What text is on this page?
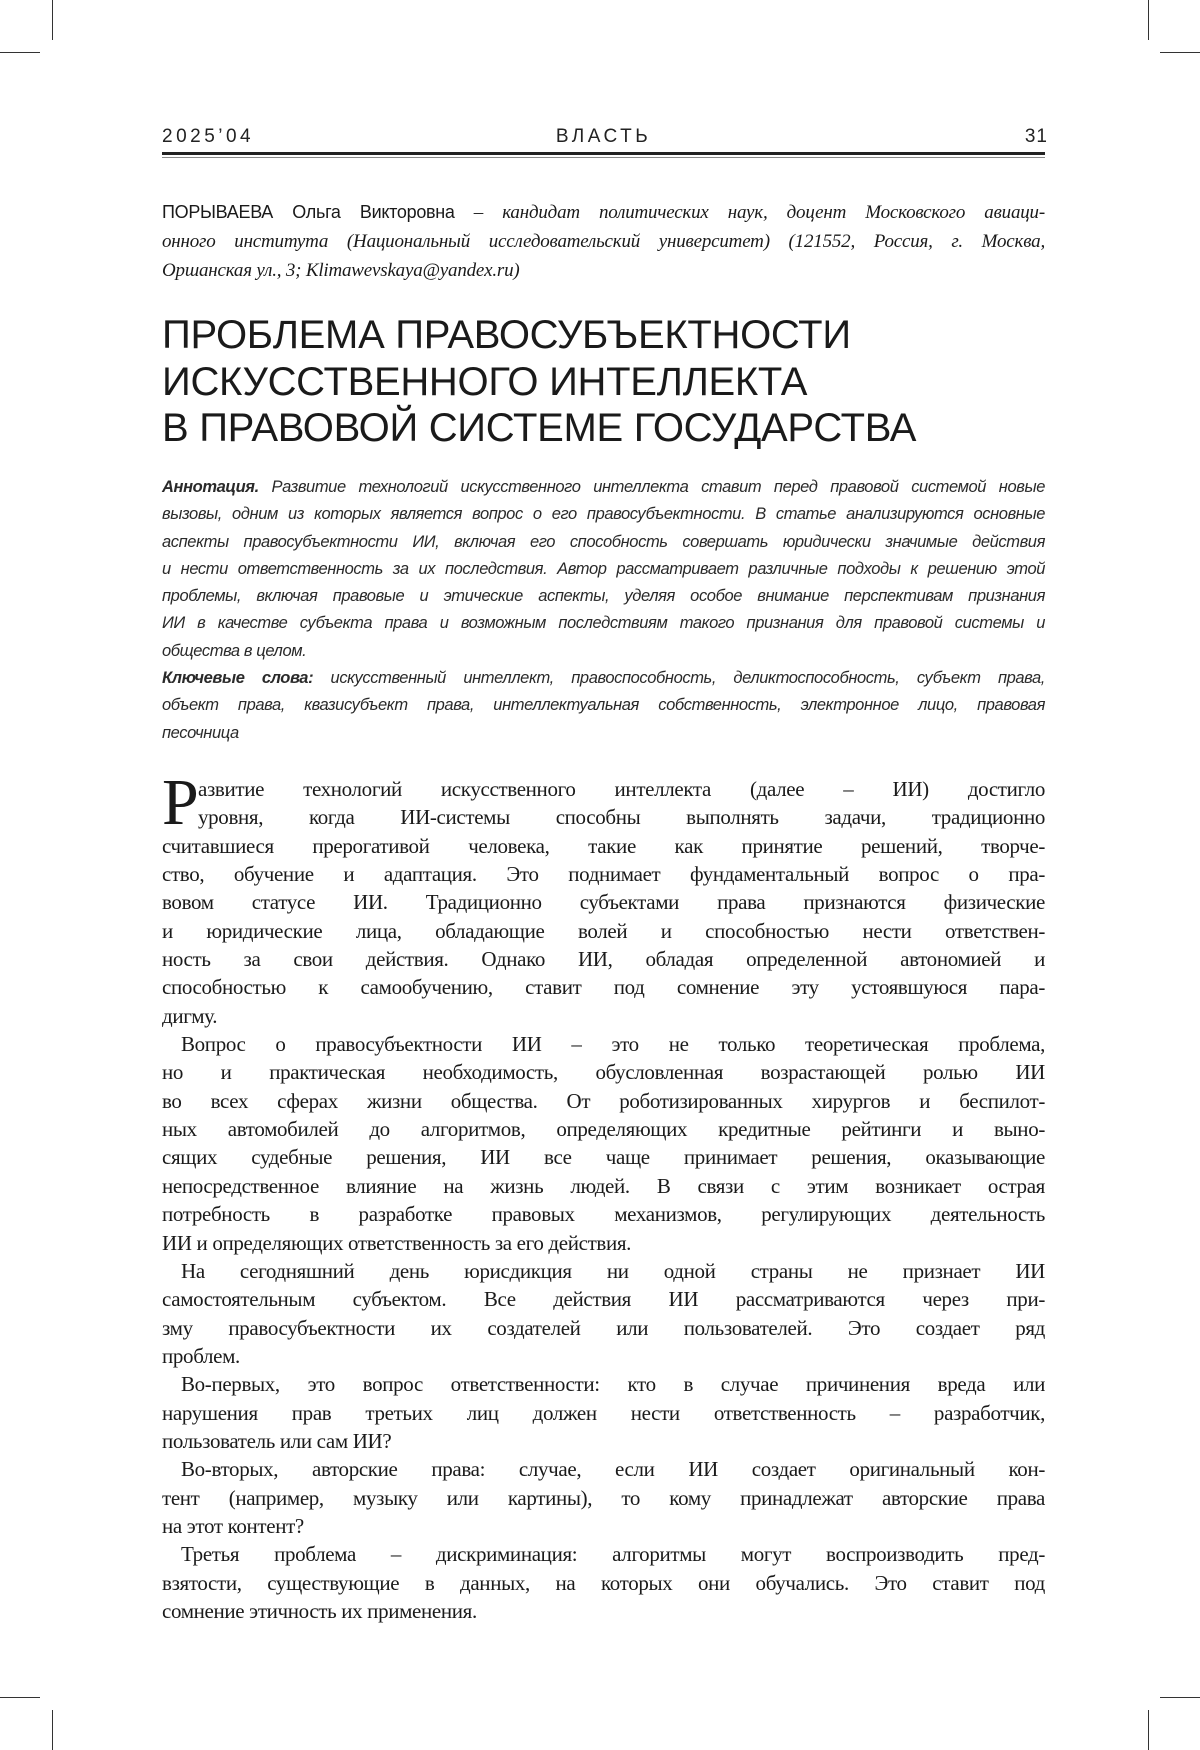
2025’04	ВЛАСТЬ	31
ПОРЫВАЕВА Ольга Викторовна – кандидат политических наук, доцент Московского авиаци-
онного института (Национальный исследовательский университет) (121552, Россия, г. Москва,
Оршанская ул., 3; Klimawevskaya@yandex.ru)
ПРОБЛЕМА ПРАВОСУБЪЕКТНОСТИ
ИСКУССТВЕННОГО ИНТЕЛЛЕКТА
В ПРАВОВОЙ СИСТЕМЕ ГОСУДАРСТВА
Аннотация. Развитие технологий искусственного интеллекта ставит перед правовой системой новые
вызовы, одним из которых является вопрос о его правосубъектности. В статье анализируются основные
аспекты правосубъектности ИИ, включая его способность совершать юридически значимые действия
и нести ответственность за их последствия. Автор рассматривает различные подходы к решению этой
проблемы, включая правовые и этические аспекты, уделяя особое внимание перспективам признания
ИИ в качестве субъекта права и возможным последствиям такого признания для правовой системы и
общества в целом.
Ключевые слова: искусственный интеллект, правоспособность, деликтоспособность, субъект права,
объект права, квазисубъект права, интеллектуальная собственность, электронное лицо, правовая
песочница
Р азвитие технологий искусственного интеллекта (далее – ИИ) достигло
уровня, когда ИИ-системы способны выполнять задачи, традиционно
считавшиеся прерогативой человека, такие как принятие решений, творче-
ство, обучение и адаптация. Это поднимает фундаментальный вопрос о пра-
вовом статусе ИИ. Традиционно субъектами права признаются физические
и юридические лица, обладающие волей и способностью нести ответствен-
ность за свои действия. Однако ИИ, обладая определенной автономией и
способностью к самообучению, ставит под сомнение эту устоявшуюся пара-
дигму.
Вопрос о правосубъектности ИИ – это не только теоретическая проблема,
но и практическая необходимость, обусловленная возрастающей ролью ИИ
во всех сферах жизни общества. От роботизированных хирургов и беспилот-
ных автомобилей до алгоритмов, определяющих кредитные рейтинги и выно-
сящих судебные решения, ИИ все чаще принимает решения, оказывающие
непосредственное влияние на жизнь людей. В связи с этим возникает острая
потребность в разработке правовых механизмов, регулирующих деятельность
ИИ и определяющих ответственность за его действия.
На сегодняшний день юрисдикция ни одной страны не признает ИИ
самостоятельным субъектом. Все действия ИИ рассматриваются через при-
зму правосубъектности их создателей или пользователей. Это создает ряд
проблем.
Во-первых, это вопрос ответственности: кто в случае причинения вреда или
нарушения прав третьих лиц должен нести ответственность – разработчик,
пользователь или сам ИИ?
Во-вторых, авторские права: случае, если ИИ создает оригинальный кон-
тент (например, музыку или картины), то кому принадлежат авторские права
на этот контент?
Третья проблема – дискриминация: алгоритмы могут воспроизводить пред-
взятости, существующие в данных, на которых они обучались. Это ставит под
сомнение этичность их применения.
